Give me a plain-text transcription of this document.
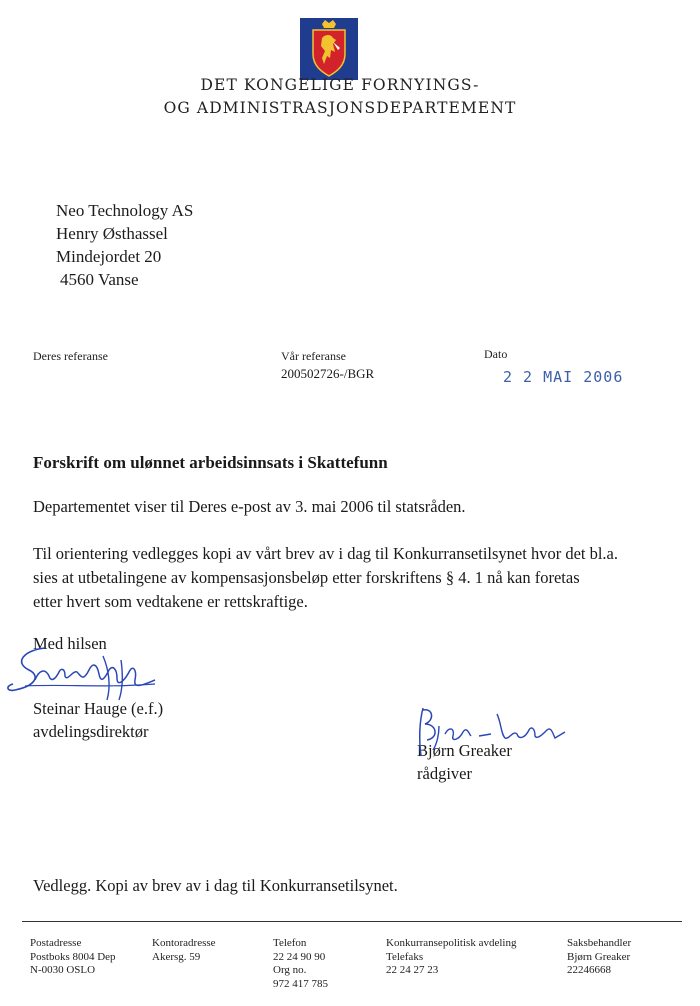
DET KONGELIGE FORNYINGS-
OG ADMINISTRASJONSDEPARTEMENT
Neo Technology AS
Henry Østhassel
Mindejordet 20
4560 Vanse
Deres referanse	Vår referanse
200502726-/BGR
Dato
2 2 MAI 2006
Forskrift om ulønnet arbeidsinnsats i Skattefunn
Departementet viser til Deres e-post av 3. mai 2006 til statsråden.
Til orientering vedlegges kopi av vårt brev av i dag til Konkurransetilsynet hvor det bl.a.
sies at utbetalingene av kompensasjonsbeløp etter forskriftens § 4. 1 nå kan foretas
etter hvert som vedtakene er rettskraftige.
Med hilsen
Steinar Hauge (e.f.)
avdelingsdirektør
Bjørn Greaker
rådgiver
Vedlegg. Kopi av brev av i dag til Konkurransetilsynet.
Postadresse
Postboks 8004 Dep
N-0030 OSLO
Kontoradresse
Akersg. 59
Telefon
22 24 90 90
Org no.
972 417 785
Konkurransepolitisk avdeling
Telefaks
22 24 27 23
Saksbehandler
Bjørn Greaker
22246668
